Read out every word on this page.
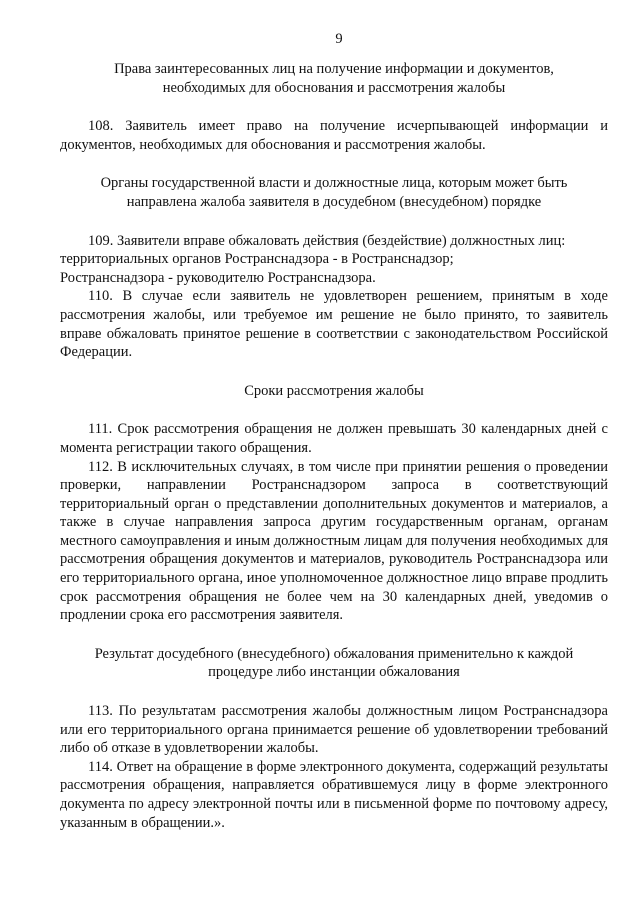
9

Права заинтересованных лиц на получение информации и документов,

необходимых для обоснования и рассмотрения жалобы

108. Заявитель имеет право на получение исчерпывающей информации и документов, необходимых для обоснования и рассмотрения жалобы.

Органы государственной власти и должностные лица, которым может быть

направлена жалоба заявителя в досудебном (внесудебном) порядке

109. Заявители вправе обжаловать действия (бездействие) должностных лиц:

территориальных органов Ространснадзора - в Ространснадзор;

Ространснадзора - руководителю Ространснадзора.

110. В случае если заявитель не удовлетворен решением, принятым в ходе рассмотрения жалобы, или требуемое им решение не было принято, то заявитель вправе обжаловать принятое решение в соответствии с законодательством Российской Федерации.

Сроки рассмотрения жалобы

111. Срок рассмотрения обращения не должен превышать 30 календарных дней с момента регистрации такого обращения.

112. В исключительных случаях, в том числе при принятии решения о проведении проверки, направлении Ространснадзором запроса в соответствующий территориальный орган о представлении дополнительных документов и материалов, а также в случае направления запроса другим государственным органам, органам местного самоуправления и иным должностным лицам для получения необходимых для рассмотрения обращения документов и материалов, руководитель Ространснадзора или его территориального органа, иное уполномоченное должностное лицо вправе продлить срок рассмотрения обращения не более чем на 30 календарных дней, уведомив о продлении срока его рассмотрения заявителя.

Результат досудебного (внесудебного) обжалования применительно к каждой

процедуре либо инстанции обжалования

113. По результатам рассмотрения жалобы должностным лицом Ространснадзора или его территориального органа принимается решение об удовлетворении требований либо об отказе в удовлетворении жалобы.

114. Ответ на обращение в форме электронного документа, содержащий результаты рассмотрения обращения, направляется обратившемуся лицу в форме электронного документа по адресу электронной почты или в письменной форме по почтовому адресу, указанным в обращении.».
